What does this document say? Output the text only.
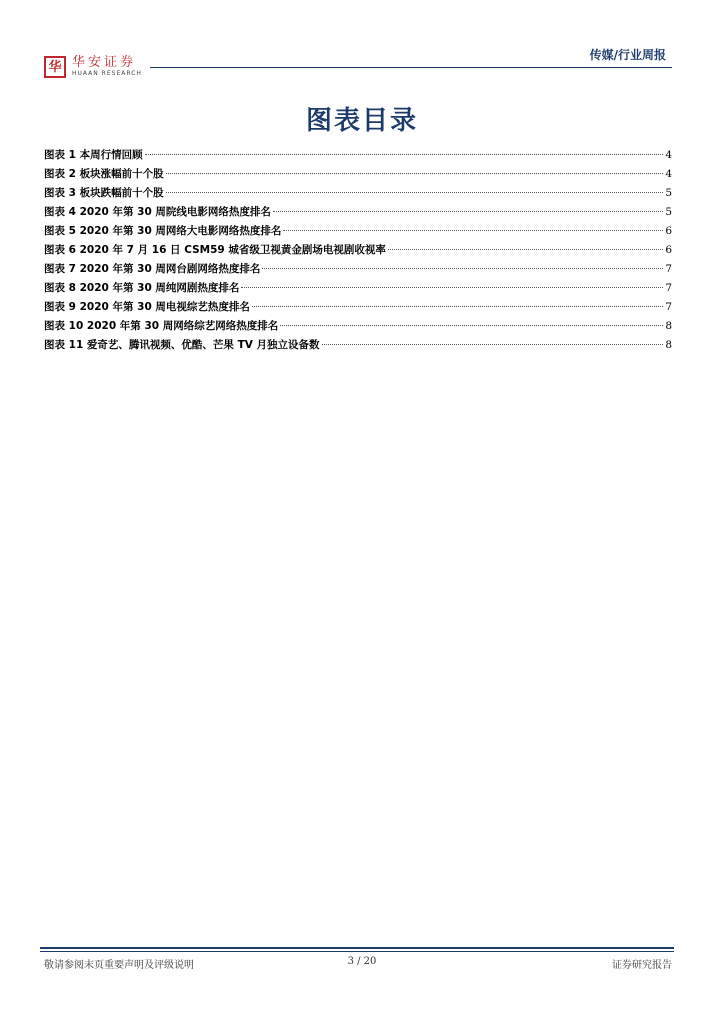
华 华安证券
HUAAN RESEARCH
传媒/行业周报
图表目录
图表 1 本周行情回顾	4
图表 2 板块涨幅前十个股	4
图表 3 板块跌幅前十个股	5
图表 4 2020 年第 30 周院线电影网络热度排名	5
图表 5 2020 年第 30 周网络大电影网络热度排名	6
图表 6 2020 年 7 月 16 日 CSM59 城省级卫视黄金剧场电视剧收视率	6
图表 7 2020 年第 30 周网台剧网络热度排名	7
图表 8 2020 年第 30 周纯网剧热度排名	7
图表 9 2020 年第 30 周电视综艺热度排名	7
图表 10 2020 年第 30 周网络综艺网络热度排名	8
图表 11 爱奇艺、腾讯视频、优酷、芒果 TV 月独立设备数	8
敬请参阅末页重要声明及评级说明	3 / 20	证券研究报告
